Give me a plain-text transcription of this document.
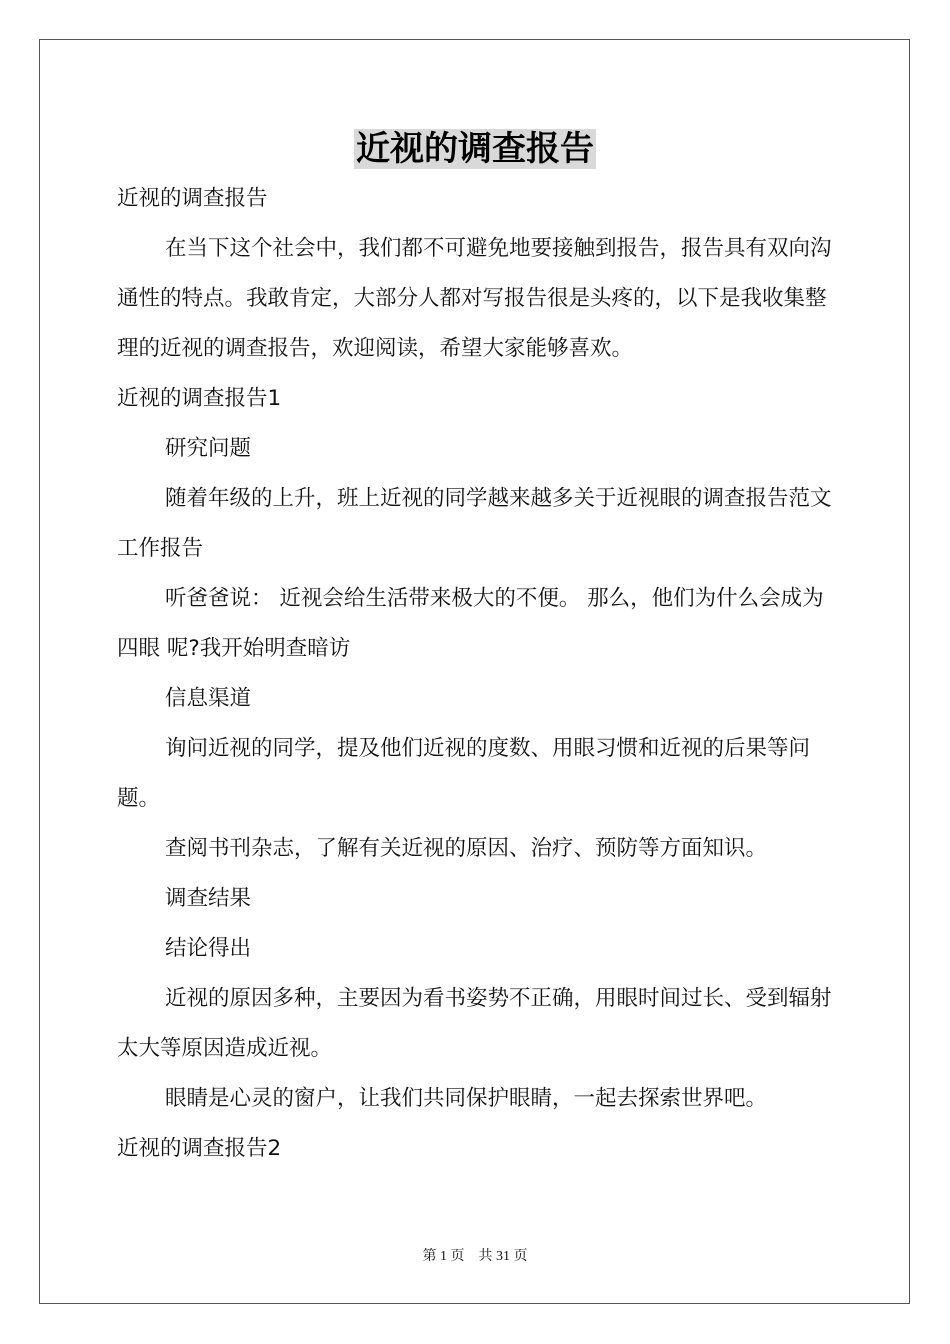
近视的调查报告

近视的调查报告

在当下这个社会中，我们都不可避免地要接触到报告，报告具有双向沟通性的特点。我敢肯定，大部分人都对写报告很是头疼的，以下是我收集整理的近视的调查报告，欢迎阅读，希望大家能够喜欢。

近视的调查报告1

研究问题

随着年级的上升，班上近视的同学越来越多关于近视眼的调查报告范文工作报告

听爸爸说： 近视会给生活带来极大的不便。 那么，他们为什么会成为 四眼 呢?我开始明查暗访

信息渠道

询问近视的同学，提及他们近视的度数、用眼习惯和近视的后果等问题。

查阅书刊杂志，了解有关近视的原因、治疗、预防等方面知识。

调查结果

结论得出

近视的原因多种，主要因为看书姿势不正确，用眼时间过长、受到辐射太大等原因造成近视。

眼睛是心灵的窗户，让我们共同保护眼睛，一起去探索世界吧。

近视的调查报告2

第 1 页　共 31 页
